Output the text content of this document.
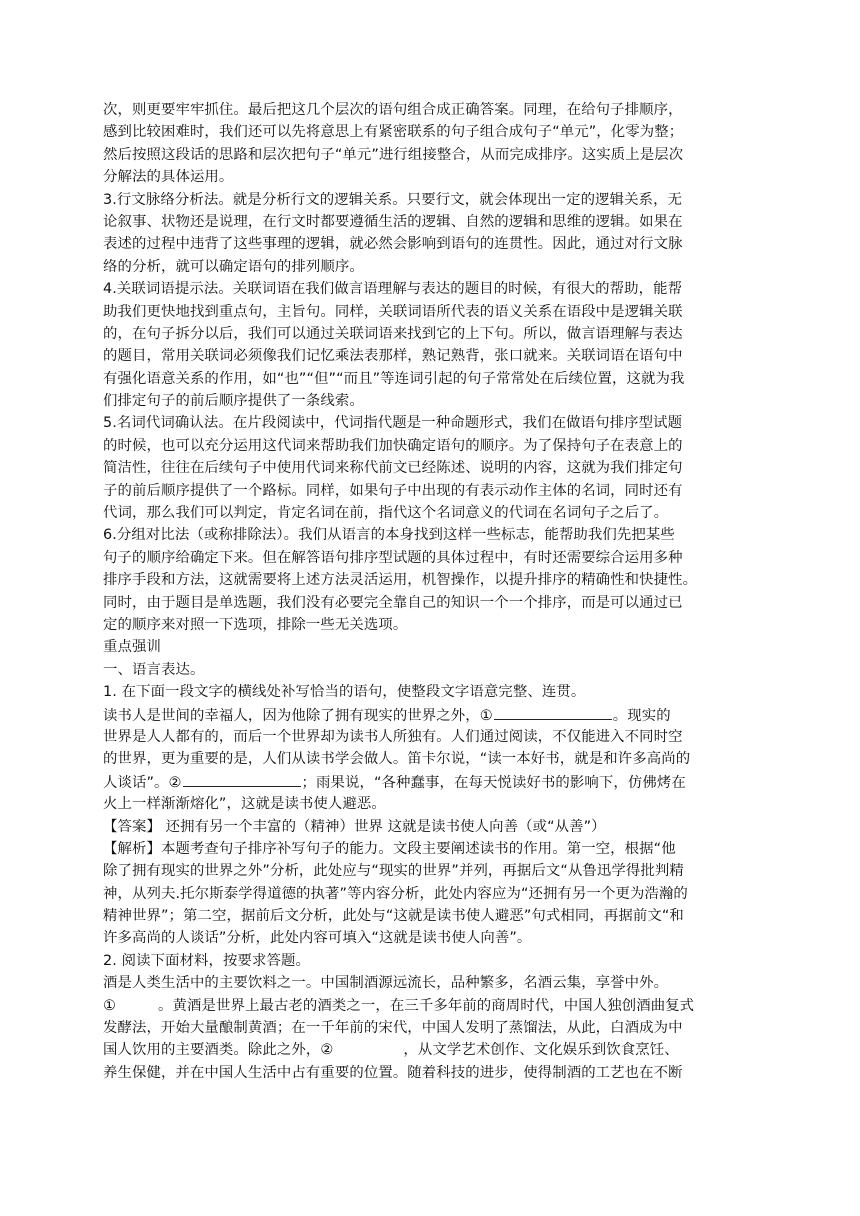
次，则更要牢牢抓住。最后把这几个层次的语句组合成正确答案。同理，在给句子排顺序，
感到比较困难时，我们还可以先将意思上有紧密联系的句子组合成句子“单元”，化零为整；
然后按照这段话的思路和层次把句子“单元”进行组接整合，从而完成排序。这实质上是层次
分解法的具体运用。
3.行文脉络分析法。就是分析行文的逻辑关系。只要行文，就会体现出一定的逻辑关系，无
论叙事、状物还是说理，在行文时都要遵循生活的逻辑、自然的逻辑和思维的逻辑。如果在
表述的过程中违背了这些事理的逻辑，就必然会影响到语句的连贯性。因此，通过对行文脉
络的分析，就可以确定语句的排列顺序。
4.关联词语提示法。关联词语在我们做言语理解与表达的题目的时候，有很大的帮助，能帮
助我们更快地找到重点句，主旨句。同样，关联词语所代表的语义关系在语段中是逻辑关联
的，在句子拆分以后，我们可以通过关联词语来找到它的上下句。所以，做言语理解与表达
的题目，常用关联词必须像我们记忆乘法表那样，熟记熟背，张口就来。关联词语在语句中
有强化语意关系的作用，如“也”“但”“而且”等连词引起的句子常常处在后续位置，这就为我
们排定句子的前后顺序提供了一条线索。
5.名词代词确认法。在片段阅读中，代词指代题是一种命题形式，我们在做语句排序型试题
的时候，也可以充分运用这代词来帮助我们加快确定语句的顺序。为了保持句子在表意上的
简洁性，往往在后续句子中使用代词来称代前文已经陈述、说明的内容，这就为我们排定句
子的前后顺序提供了一个路标。同样，如果句子中出现的有表示动作主体的名词，同时还有
代词，那么我们可以判定，肯定名词在前，指代这个名词意义的代词在名词句子之后了。
6.分组对比法（或称排除法）。我们从语言的本身找到这样一些标志，能帮助我们先把某些
句子的顺序给确定下来。但在解答语句排序型试题的具体过程中，有时还需要综合运用多种
排序手段和方法，这就需要将上述方法灵活运用，机智操作，以提升排序的精确性和快捷性。
同时，由于题目是单选题，我们没有必要完全靠自己的知识一个一个排序，而是可以通过已
定的顺序来对照一下选项，排除一些无关选项。
重点强训
一、语言表达。
1. 在下面一段文字的横线处补写恰当的语句，使整段文字语意完整、连贯。
读书人是世间的幸福人，因为他除了拥有现实的世界之外，①	。现实的
世界是人人都有的，而后一个世界却为读书人所独有。人们通过阅读，不仅能进入不同时空
的世界，更为重要的是，人们从读书学会做人。笛卡尔说，“读一本好书，就是和许多高尚的
人谈话”。②	；雨果说，“各种蠢事，在每天悦读好书的影响下，仿佛烤在
火上一样渐渐熔化”，这就是读书使人避恶。
【答案】 还拥有另一个丰富的（精神）世界 这就是读书使人向善（或“从善”）
【解析】本题考查句子排序补写句子的能力。文段主要阐述读书的作用。第一空，根据“他
除了拥有现实的世界之外”分析，此处应与“现实的世界”并列，再据后文“从鲁迅学得批判精
神，从列夫.托尔斯泰学得道德的执著”等内容分析，此处内容应为“还拥有另一个更为浩瀚的
精神世界”；第二空，据前后文分析，此处与“这就是读书使人避恶”句式相同，再据前文“和
许多高尚的人谈话”分析，此处内容可填入“这就是读书使人向善”。
2. 阅读下面材料，按要求答题。
酒是人类生活中的主要饮料之一。中国制酒源远流长，品种繁多，名酒云集，享誉中外。
①	。黄酒是世界上最古老的酒类之一，在三千多年前的商周时代，中国人独创酒曲复式
发酵法，开始大量酿制黄酒；在一千年前的宋代，中国人发明了蒸馏法，从此，白酒成为中
国人饮用的主要酒类。除此之外，②	，从文学艺术创作、文化娱乐到饮食烹饪、
养生保健，并在中国人生活中占有重要的位置。随着科技的进步，使得制酒的工艺也在不断
